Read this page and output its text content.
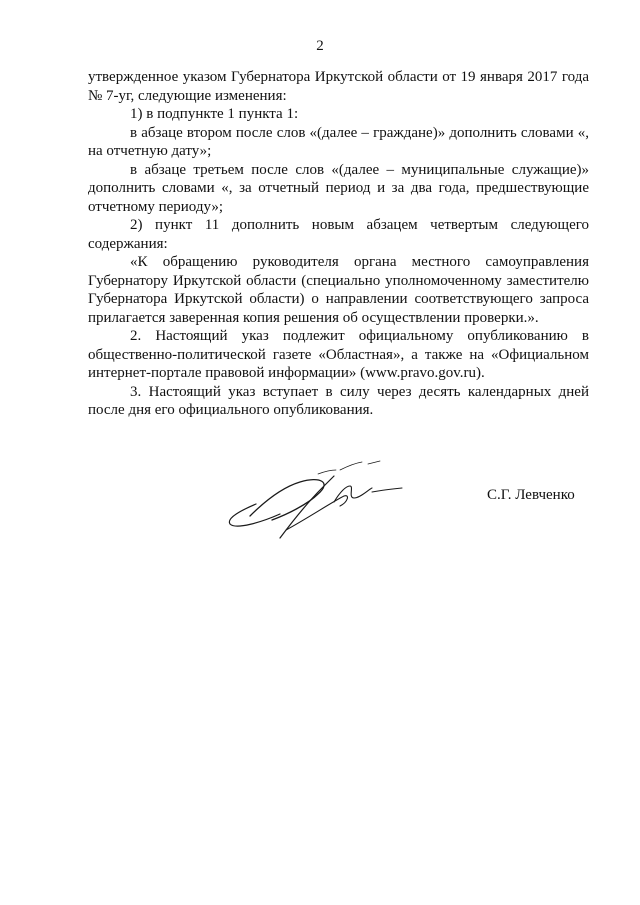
2

утвержденное указом Губернатора Иркутской области от 19 января 2017 года № 7-уг, следующие изменения:

1) в подпункте 1 пункта 1:

в абзаце втором после слов «(далее – граждане)» дополнить словами «, на отчетную дату»;

в абзаце третьем после слов «(далее – муниципальные служащие)» дополнить словами «, за отчетный период и за два года, предшествующие отчетному периоду»;

2) пункт 11 дополнить новым абзацем четвертым следующего содержания:

«К обращению руководителя органа местного самоуправления Губернатору Иркутской области (специально уполномоченному заместителю Губернатора Иркутской области) о направлении соответствующего запроса прилагается заверенная копия решения об осуществлении проверки.».

2. Настоящий указ подлежит официальному опубликованию в общественно-политической газете «Областная», а также на «Официальном интернет-портале правовой информации» (www.pravo.gov.ru).

3. Настоящий указ вступает в силу через десять календарных дней после дня его официального опубликования.

С.Г. Левченко
